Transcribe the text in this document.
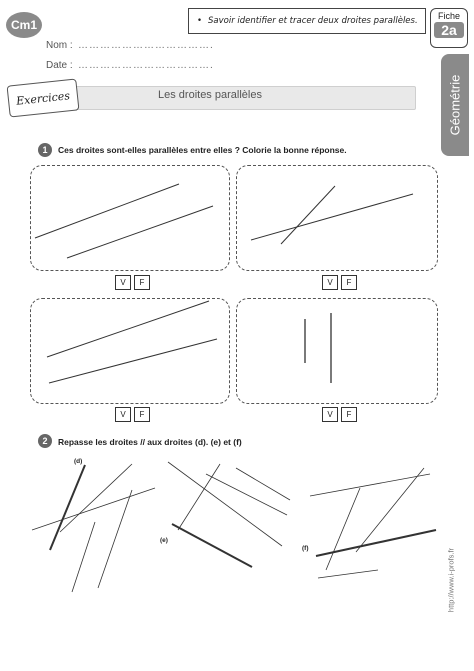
Cm1
Nom : ……………………………….
Date : ……………………………….
• Savoir identifier et tracer deux droites parallèles.	Fiche
2a
Géométrie
Les droites parallèles
Exercices
1	Ces droites sont-elles parallèles entre elles ? Colorie la bonne réponse.
V	F	V	F
V	F	V	F
2	Repasse les droites // aux droites (d). (e) et (f)
(d)
(e)
(f)	http://www.i-profs.fr
